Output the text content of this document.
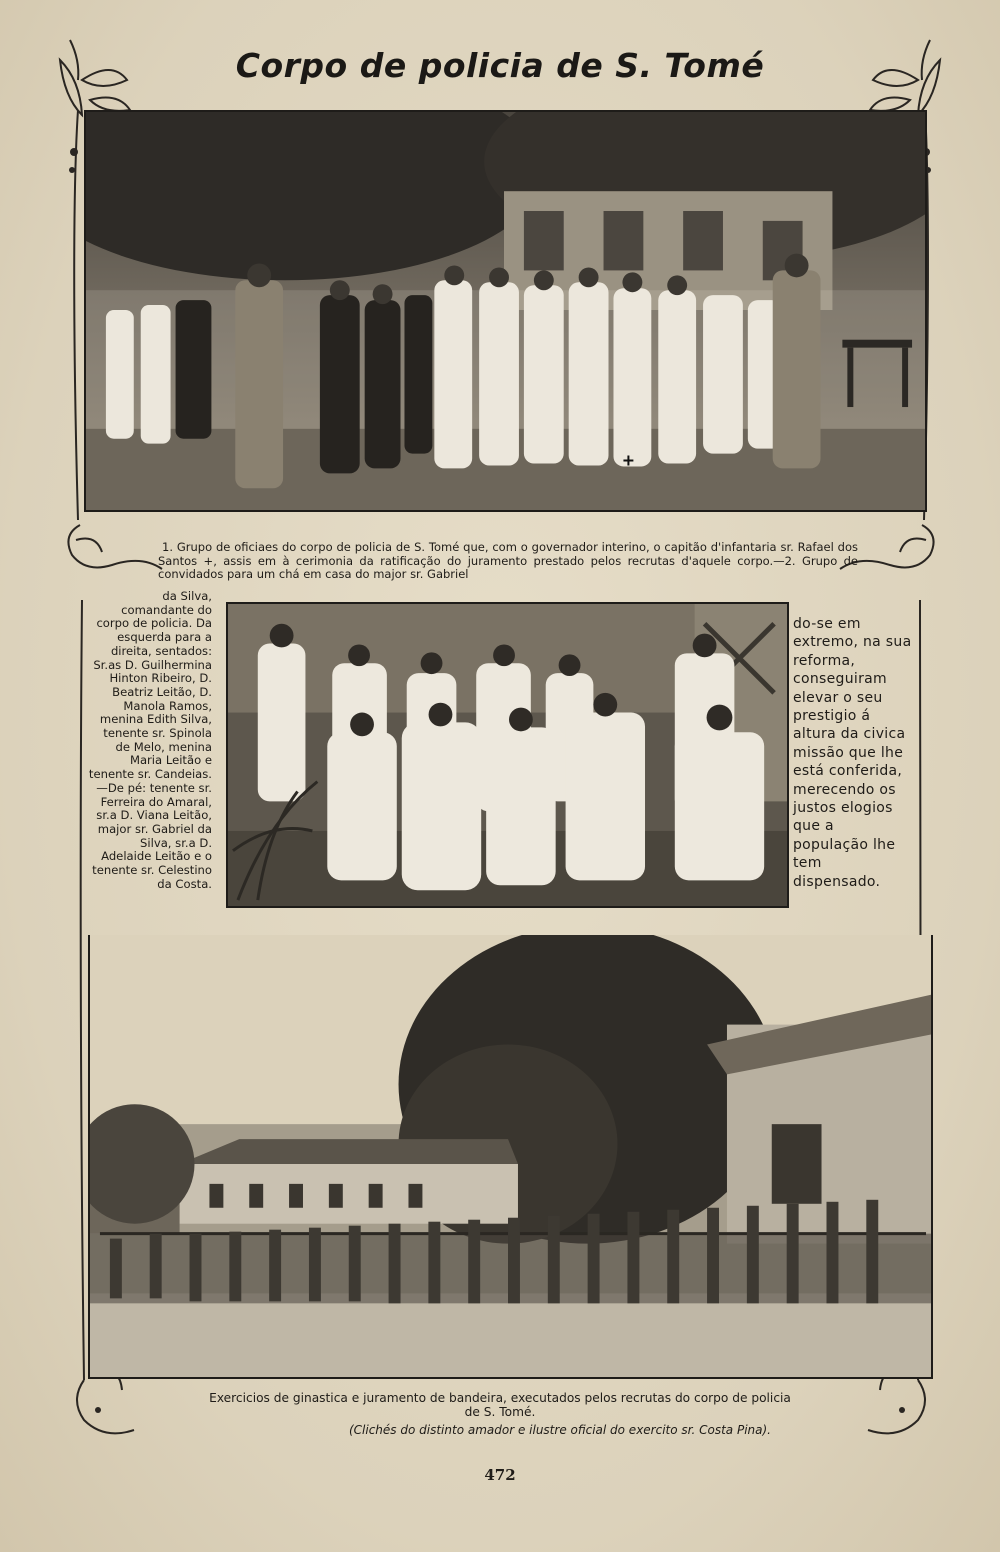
Corpo de policia de S. Tomé
1. Grupo de oficiaes do corpo de policia de S. Tomé que, com o governador interino, o capitão d'infantaria sr. Rafael dos Santos +, assis em à cerimonia da ratificação do juramento prestado pelos recrutas d'aquele corpo.—2. Grupo de convidados para um chá em casa do major sr. Gabriel
da Silva, comandante do corpo de policia. Da esquerda para a direita, sentados: Sr.as D. Guilhermina Hinton Ribeiro, D. Beatriz Leitão, D. Manola Ramos, menina Edith Silva, tenente sr. Spinola de Melo, menina Maria Leitão e tenente sr. Candeias.—De pé: tenente sr. Ferreira do Amaral, sr.a D. Viana Leitão, major sr. Gabriel da Silva, sr.a D. Adelaide Leitão e o tenente sr. Celestino da Costa.
do-se em extremo, na sua reforma, conseguiram elevar o seu prestigio á altura da civica missão que lhe está conferida, merecendo os justos elogios que a população lhe tem dispensado.
Exercicios de ginastica e juramento de bandeira, executados pelos recrutas do corpo de policia
de S. Tomé.
(Clichés do distinto amador e ilustre oficial do exercito sr. Costa Pina).
472
